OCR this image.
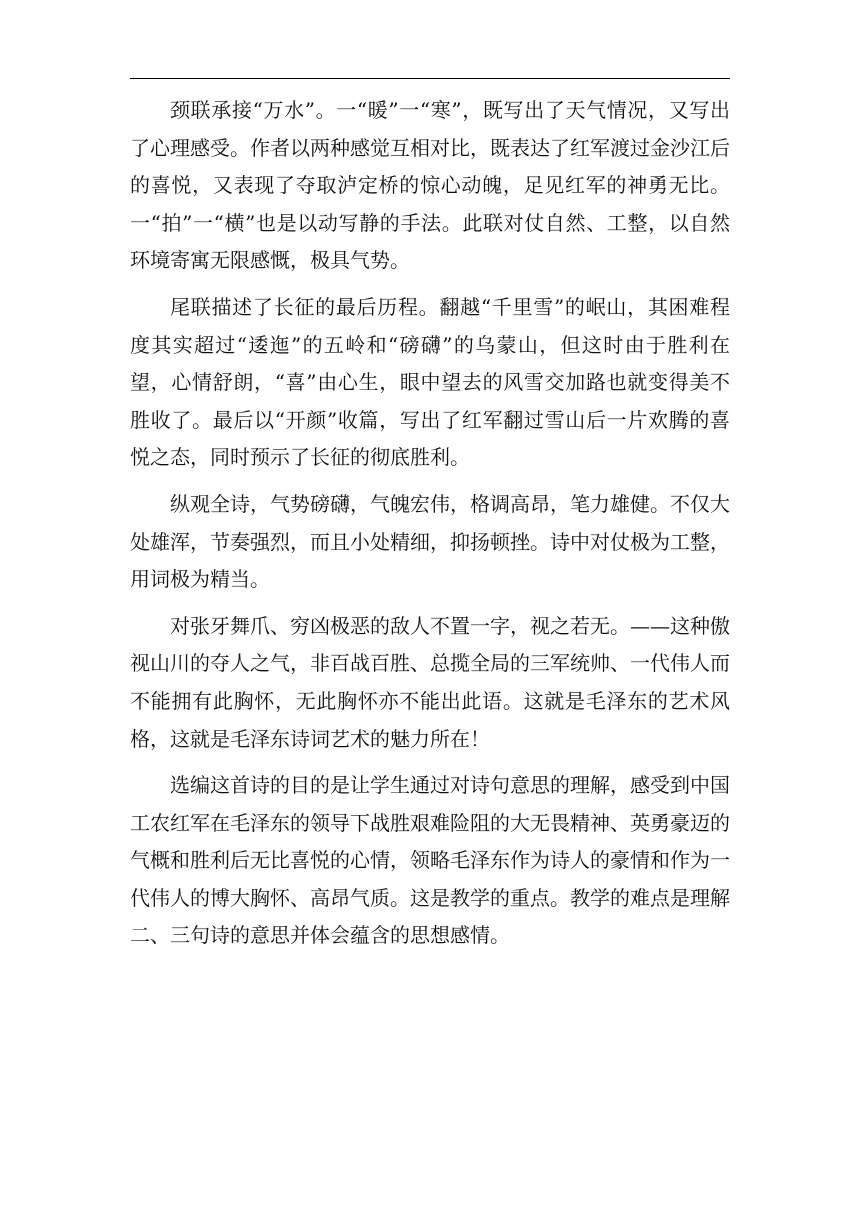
颈联承接“万水”。一“暖”一“寒”，既写出了天气情况，又写出了心理感受。作者以两种感觉互相对比，既表达了红军渡过金沙江后的喜悦，又表现了夺取泸定桥的惊心动魄，足见红军的神勇无比。一“拍”一“横”也是以动写静的手法。此联对仗自然、工整，以自然环境寄寓无限感慨，极具气势。

尾联描述了长征的最后历程。翻越“千里雪”的岷山，其困难程度其实超过“逶迤”的五岭和“磅礴”的乌蒙山，但这时由于胜利在望，心情舒朗，“喜”由心生，眼中望去的风雪交加路也就变得美不胜收了。最后以“开颜”收篇，写出了红军翻过雪山后一片欢腾的喜悦之态，同时预示了长征的彻底胜利。

纵观全诗，气势磅礴，气魄宏伟，格调高昂，笔力雄健。不仅大处雄浑，节奏强烈，而且小处精细，抑扬顿挫。诗中对仗极为工整，用词极为精当。

对张牙舞爪、穷凶极恶的敌人不置一字，视之若无。——这种傲视山川的夺人之气，非百战百胜、总揽全局的三军统帅、一代伟人而不能拥有此胸怀，无此胸怀亦不能出此语。这就是毛泽东的艺术风格，这就是毛泽东诗词艺术的魅力所在！

选编这首诗的目的是让学生通过对诗句意思的理解，感受到中国工农红军在毛泽东的领导下战胜艰难险阻的大无畏精神、英勇豪迈的气概和胜利后无比喜悦的心情，领略毛泽东作为诗人的豪情和作为一代伟人的博大胸怀、高昂气质。这是教学的重点。教学的难点是理解二、三句诗的意思并体会蕴含的思想感情。
